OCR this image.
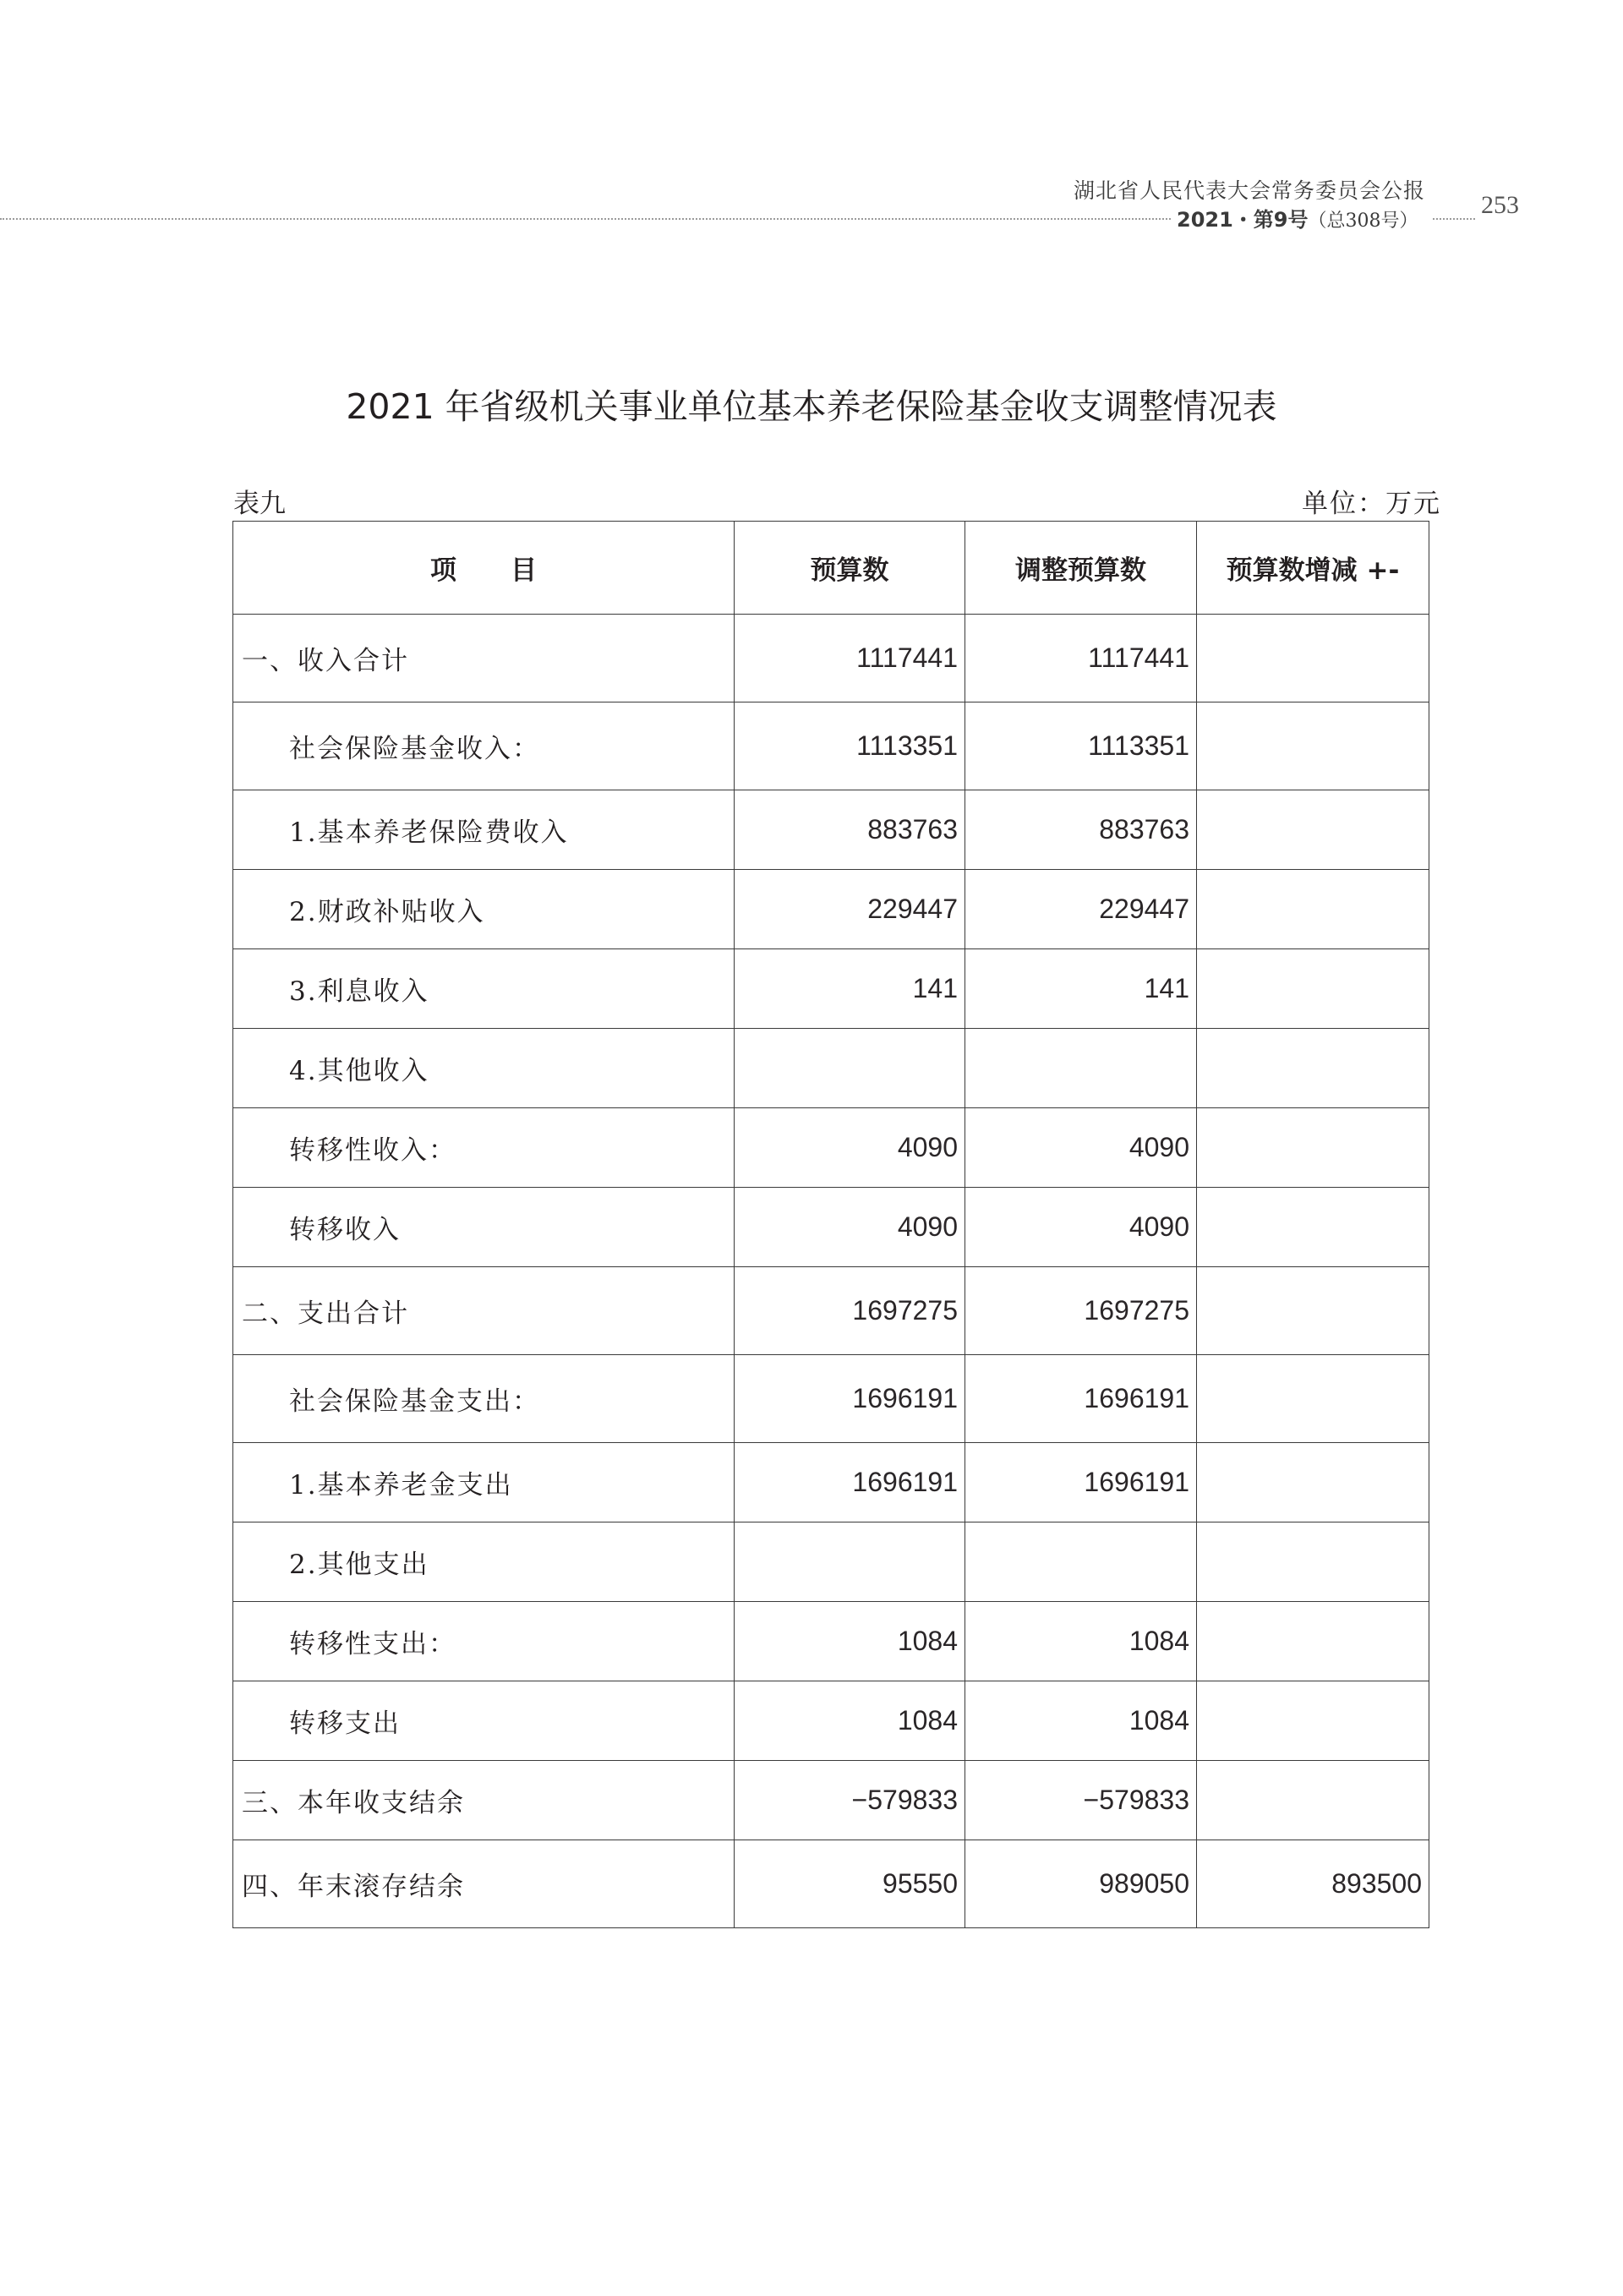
湖北省人民代表大会常务委员会公报
2021・第9号（总308号）
253
2021 年省级机关事业单位基本养老保险基金收支调整情况表
表九	单位：万元
项 目	预算数	调整预算数	预算数增减 +-
一、收入合计	1117441	1117441	
社会保险基金收入：	1113351	1113351	
1.基本养老保险费收入	883763	883763	
2.财政补贴收入	229447	229447	
3.利息收入	141	141	
4.其他收入			
转移性收入：	4090	4090	
转移收入	4090	4090	
二、支出合计	1697275	1697275	
社会保险基金支出：	1696191	1696191	
1.基本养老金支出	1696191	1696191	
2.其他支出			
转移性支出：	1084	1084	
转移支出	1084	1084	
三、本年收支结余	−579833	−579833	
四、年末滚存结余	95550	989050	893500
